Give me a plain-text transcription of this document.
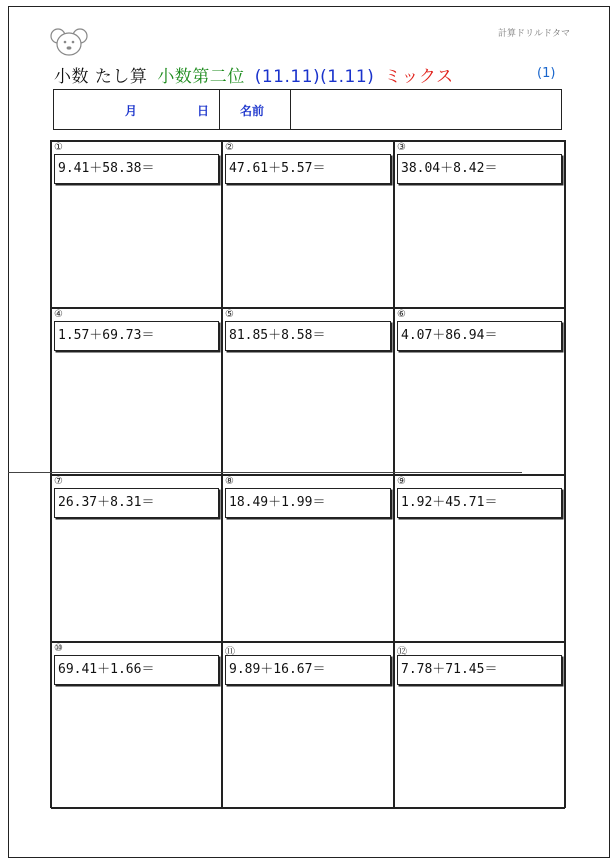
計算ドリルドタマ
小数 たし算 小数第二位 (11.11)(1.11) ミックス	(1)
月	日	名前
①
9.41＋58.38＝
②
47.61＋5.57＝
③
38.04＋8.42＝
④
1.57＋69.73＝
⑤
81.85＋8.58＝
⑥
4.07＋86.94＝
⑦
26.37＋8.31＝
⑧
18.49＋1.99＝
⑨
1.92＋45.71＝
⑩
69.41＋1.66＝
⑪
9.89＋16.67＝
⑫
7.78＋71.45＝
